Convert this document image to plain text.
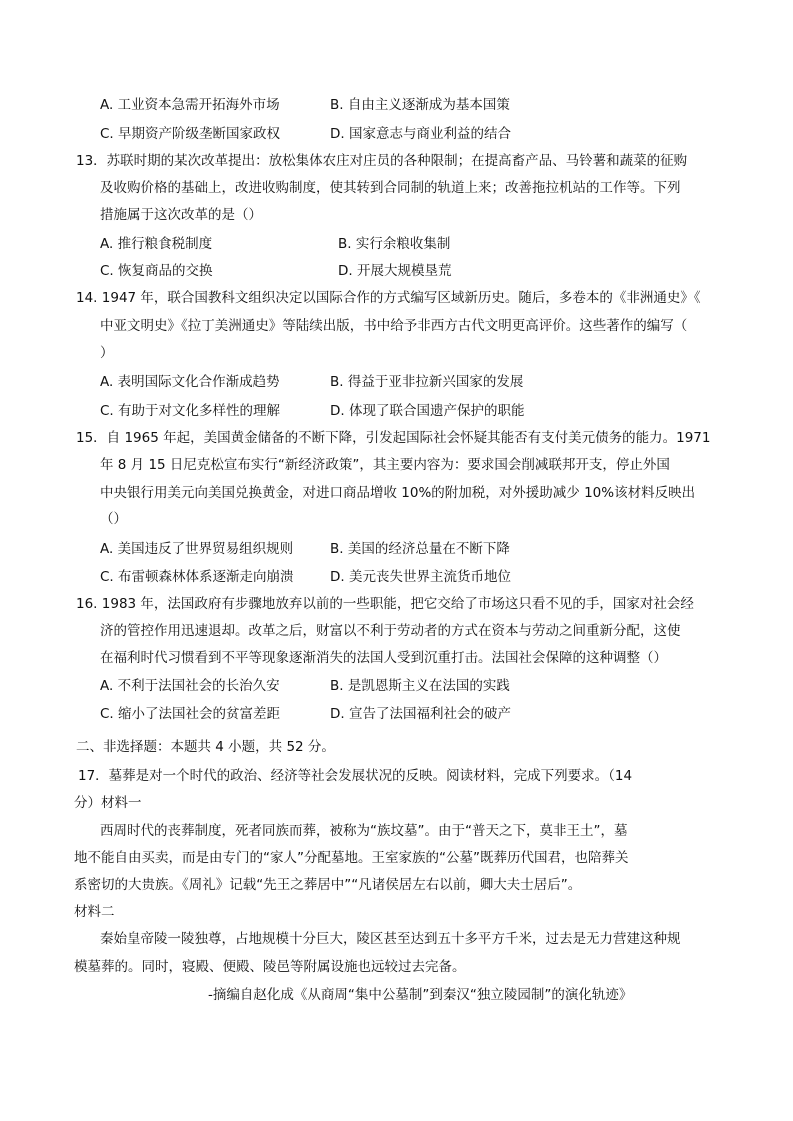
A. 工业资本急需开拓海外市场	B. 自由主义逐渐成为基本国策
C. 早期资产阶级垄断国家政权	D. 国家意志与商业利益的结合
13．苏联时期的某次改革提出：放松集体农庄对庄员的各种限制；在提高畜产品、马铃薯和蔬菜的征购
及收购价格的基础上，改进收购制度，使其转到合同制的轨道上来；改善拖拉机站的工作等。下列
措施属于这次改革的是（）
A. 推行粮食税制度	B. 实行余粮收集制
C. 恢复商品的交换	D. 开展大规模垦荒
14. 1947 年，联合国教科文组织决定以国际合作的方式编写区域新历史。随后，多卷本的《非洲通史》《
中亚文明史》《拉丁美洲通史》等陆续出版，书中给予非西方古代文明更高评价。这些著作的编写（
）
A. 表明国际文化合作渐成趋势	B. 得益于亚非拉新兴国家的发展
C. 有助于对文化多样性的理解	D. 体现了联合国遗产保护的职能
15．自 1965 年起，美国黄金储备的不断下降，引发起国际社会怀疑其能否有支付美元债务的能力。1971
年 8 月 15 日尼克松宣布实行“新经济政策”，其主要内容为：要求国会削减联邦开支，停止外国
中央银行用美元向美国兑换黄金，对进口商品增收 10%的附加税，对外援助减少 10%该材料反映出
（）
A. 美国违反了世界贸易组织规则	B. 美国的经济总量在不断下降
C. 布雷顿森林体系逐渐走向崩溃	D. 美元丧失世界主流货币地位
16. 1983 年，法国政府有步骤地放弃以前的一些职能，把它交给了市场这只看不见的手，国家对社会经
济的管控作用迅速退却。改革之后，财富以不利于劳动者的方式在资本与劳动之间重新分配，这使
在福利时代习惯看到不平等现象逐渐消失的法国人受到沉重打击。法国社会保障的这种调整（）
A. 不利于法国社会的长治久安	B. 是凯恩斯主义在法国的实践
C. 缩小了法国社会的贫富差距	D. 宣告了法国福利社会的破产
二、非选择题：本题共 4 小题，共 52 分。
17．墓葬是对一个时代的政治、经济等社会发展状况的反映。阅读材料，完成下列要求。（14
分）材料一
西周时代的丧葬制度，死者同族而葬，被称为“族坟墓”。由于“普天之下，莫非王土”，墓
地不能自由买卖，而是由专门的“家人”分配墓地。王室家族的“公墓”既葬历代国君，也陪葬关
系密切的大贵族。《周礼》记载“先王之葬居中”“凡诸侯居左右以前，卿大夫士居后”。
材料二
秦始皇帝陵一陵独尊，占地规模十分巨大，陵区甚至达到五十多平方千米，过去是无力营建这种规
模墓葬的。同时，寝殿、便殿、陵邑等附属设施也远较过去完备。
-摘编自赵化成《从商周“集中公墓制”到秦汉“独立陵园制”的演化轨迹》
